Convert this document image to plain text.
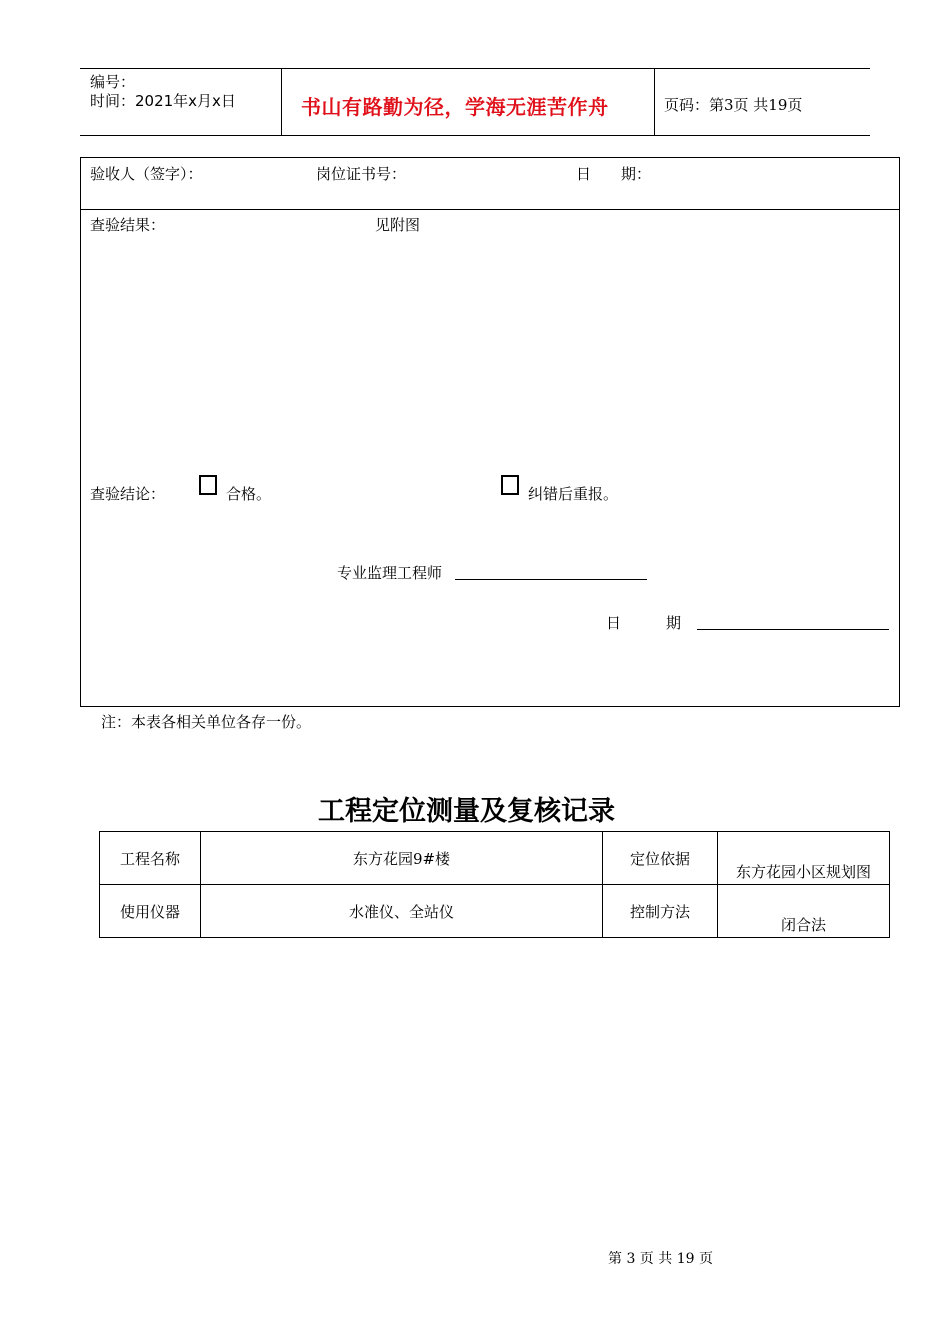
编号：
时间：2021年x月x日	书山有路勤为径，学海无涯苦作舟	页码：第3页 共19页
验收人（签字）：	岗位证书号：	日　　期：
查验结果：	见附图
查验结论：	合格。	纠错后重报。
专业监理工程师
日　　　期
注：本表各相关单位各存一份。
工程定位测量及复核记录
工程名称	东方花园9#楼	定位依据	东方花园小区规划图
使用仪器	水准仪、全站仪	控制方法	闭合法
第 3 页 共 19 页
